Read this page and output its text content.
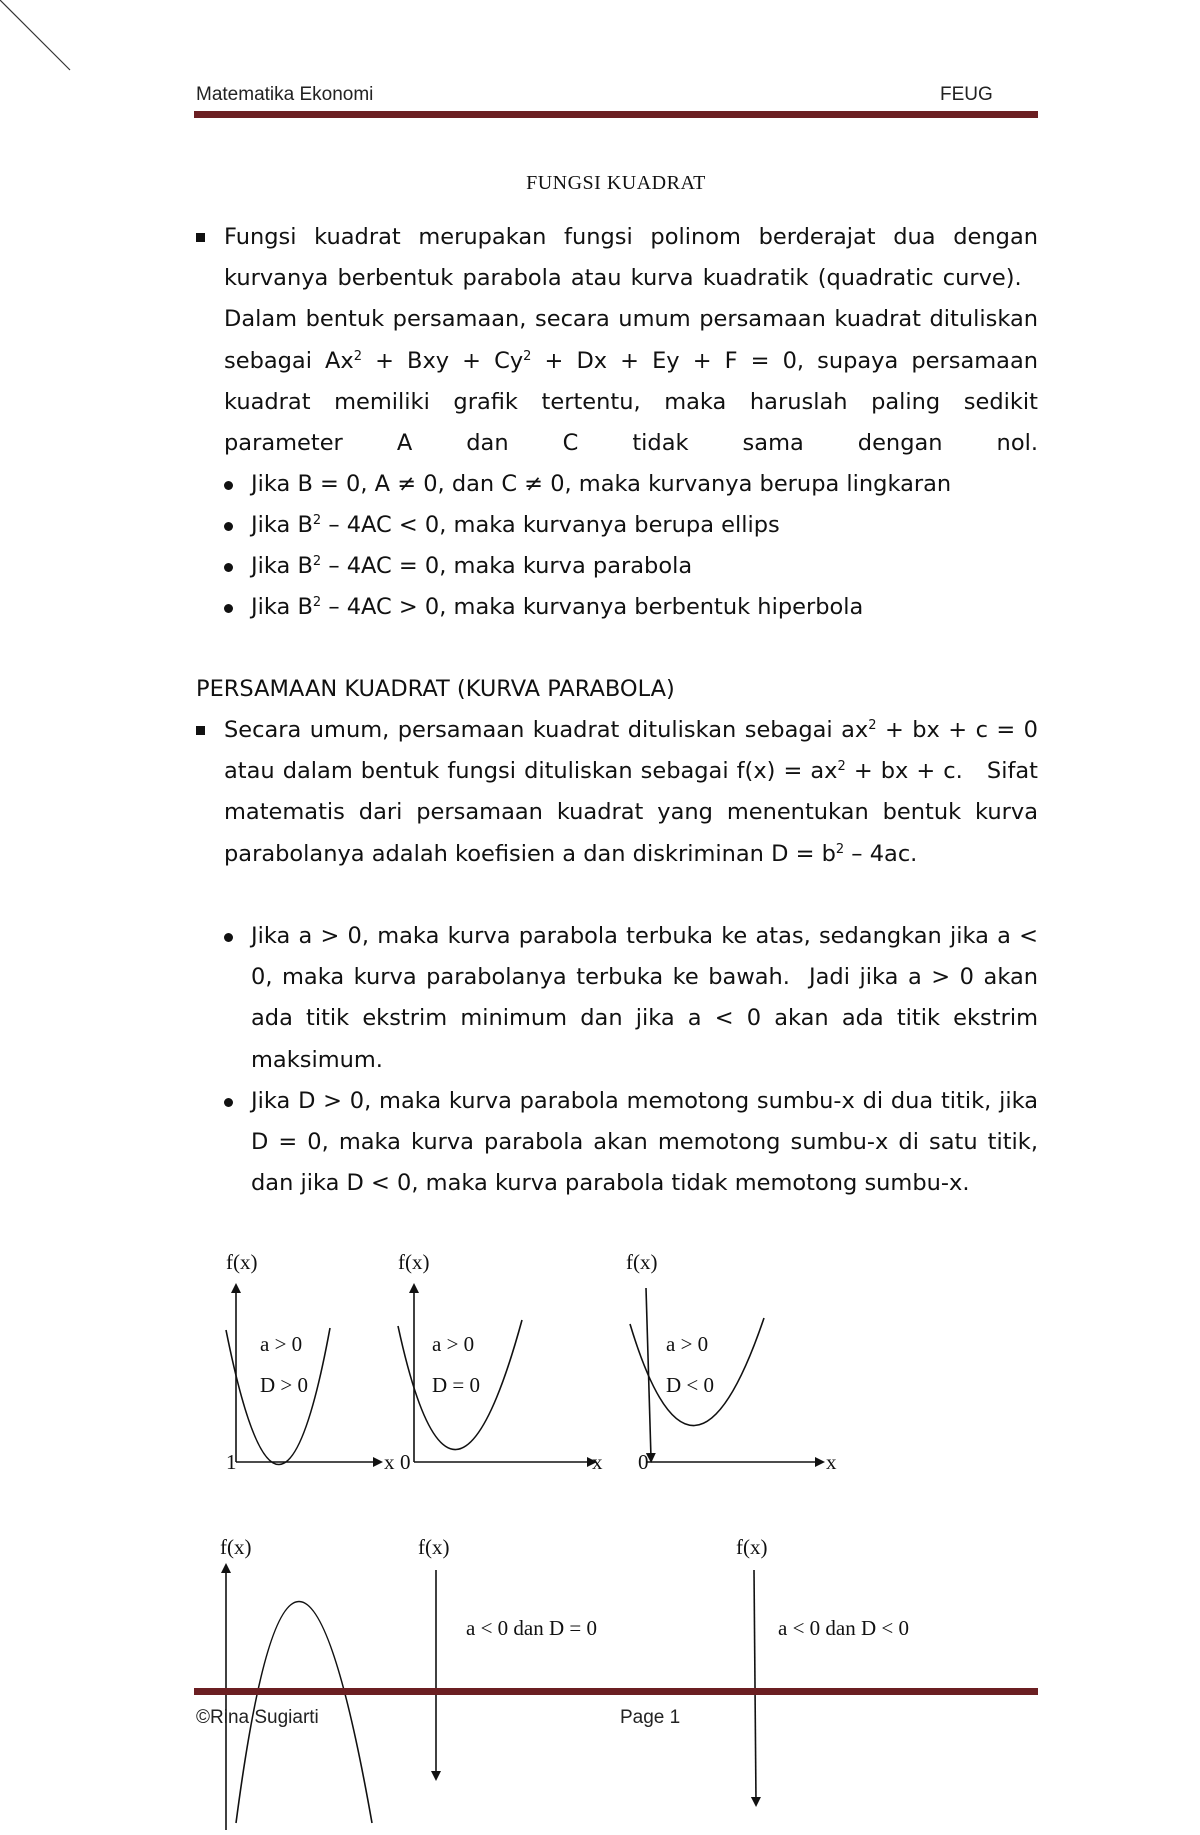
Matematika Ekonomi	FEUG
FUNGSI KUADRAT
Fungsi kuadrat merupakan fungsi polinom berderajat dua dengan kurvanya berbentuk parabola atau kurva kuadratik (quadratic curve).   Dalam bentuk persamaan, secara umum persamaan kuadrat dituliskan sebagai $Ax^2$ + Bxy + $Cy^2 + Dx + Ey + F = 0$, supaya persamaan kuadrat memiliki grafik tertentu, maka haruslah paling sedikit parameter A dan C tidak sama dengan nol.
Jika B = 0, A ≠ 0, dan C ≠ 0, maka kurvanya berupa lingkaran
Jika $B^2 - 4AC < 0$, maka kurvanya berupa ellips
Jika $B^2 - 4AC = 0$, maka kurva parabola
Jika $B^2 - 4AC > 0$, maka kurvanya berbentuk hiperbola
PERSAMAAN KUADRAT (KURVA PARABOLA)
Secara umum, persamaan kuadrat dituliskan sebagai $ax^2$ + bx + c = 0 atau dalam bentuk fungsi dituliskan sebagai $f(x) = ax^2$ + bx + c.   Sifat matematis dari persamaan kuadrat yang menentukan bentuk kurva parabolanya adalah koefisien a dan diskriminan $D = b^2 - 4ac$.
Jika a > 0, maka kurva parabola terbuka ke atas, sedangkan jika a < 0, maka kurva parabolanya terbuka ke bawah.  Jadi jika a > 0 akan ada titik ekstrim minimum dan jika a < 0 akan ada titik ekstrim maksimum.
Jika D > 0, maka kurva parabola memotong sumbu-x di dua titik, jika D = 0, maka kurva parabola akan memotong sumbu-x di satu titik, dan jika D < 0, maka kurva parabola tidak memotong sumbu-x.
f(x)
a > 0
D > 0
1	x
f(x)
a > 0
D = 0
0	x
f(x)
a > 0
D < 0
0	x
f(x)	f(x)
a < 0 dan D = 0
f(x)
a < 0 dan D < 0
©Rina Sugiarti	Page 1
